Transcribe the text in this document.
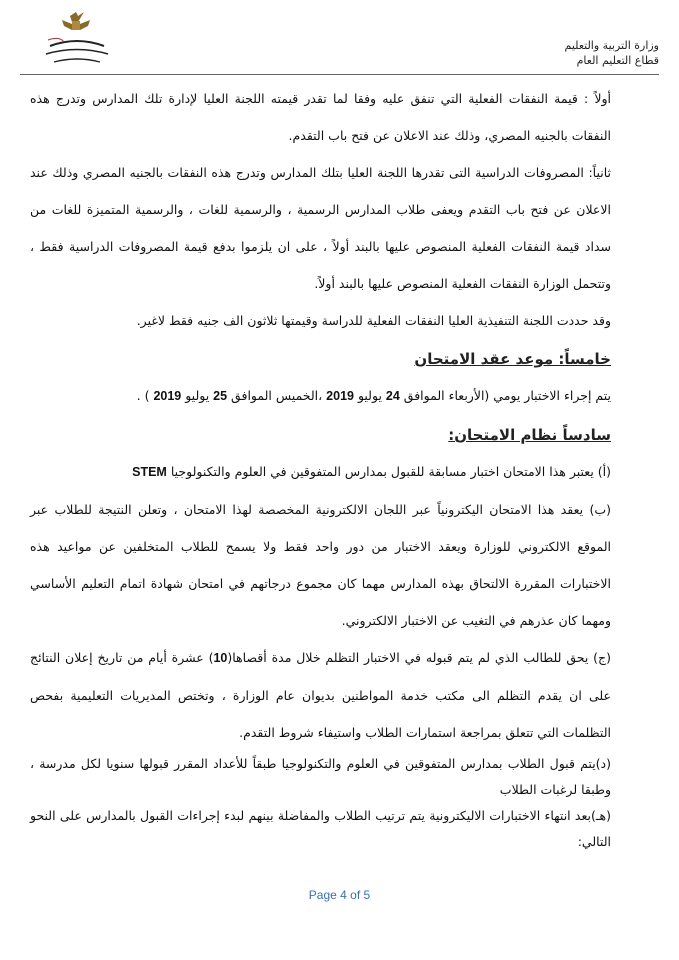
وزارة التربية والتعليم
قطاع التعليم العام

أولاً : قيمة النفقات الفعلية التي تنفق عليه وفقا لما تقدر قيمته اللجنة العليا لإدارة تلك المدارس وتدرج هذه النفقات بالجنيه المصري، وذلك عند الاعلان عن فتح باب التقدم.

ثانياً: المصروفات الدراسية التى تقدرها اللجنة العليا بتلك المدارس وتدرج هذه النفقات بالجنيه المصري وذلك عند الاعلان عن فتح باب التقدم ويعفى طلاب المدارس الرسمية ، والرسمية للغات ، والرسمية المتميزة للغات من سداد قيمة النفقات الفعلية المنصوص عليها بالبند أولاً ، على ان يلزموا بدفع قيمة المصروفات الدراسية فقط ، وتتحمل الوزارة النفقات الفعلية المنصوص عليها بالبند أولاً.

وقد حددت اللجنة التنفيذية العليا النفقات الفعلية للدراسة وقيمتها ثلاثون الف جنيه فقط لاغير.

خامساً: موعد عقد الامتحان

يتم إجراء الاختبار يومي (الأربعاء الموافق 24 يوليو 2019 ،الخميس الموافق 25 يوليو 2019 ) .

سادساً نظام الامتحان:

(أ) يعتبر هذا الامتحان اختبار مسابقة للقبول بمدارس المتفوقين في العلوم والتكنولوجيا STEM

(ب) يعقد هذا الامتحان اليكترونياً عبر اللجان الالكترونية المخصصة لهذا الامتحان ، وتعلن النتيجة للطلاب عبر الموقع الالكتروني للوزارة ويعقد الاختبار من دور واحد فقط ولا يسمح للطلاب المتخلفين عن مواعيد هذه الاختبارات المقررة الالتحاق بهذه المدارس مهما كان مجموع درجاتهم في امتحان شهادة اتمام التعليم الأساسي ومهما كان عذرهم في التغيب عن الاختبار الالكتروني.

(ج) يحق للطالب الذي لم يتم قبوله في الاختبار التظلم خلال مدة أقصاها(10) عشرة أيام من تاريخ إعلان النتائج على ان يقدم التظلم الى مكتب خدمة المواطنين بديوان عام الوزارة ، وتختص المديريات التعليمية بفحص التظلمات التي تتعلق بمراجعة استمارات الطلاب واستيفاء شروط التقدم.

(د)يتم قبول الطلاب بمدارس المتفوقين في العلوم والتكنولوجيا طبقاً للأعداد المقرر قبولها سنويا لكل مدرسة ، وطبقا لرغبات الطلاب

(هـ)بعد انتهاء الاختبارات الاليكترونية يتم ترتيب الطلاب والمفاضلة بينهم لبدء إجراءات القبول بالمدارس على النحو التالي:

Page 4 of 5
